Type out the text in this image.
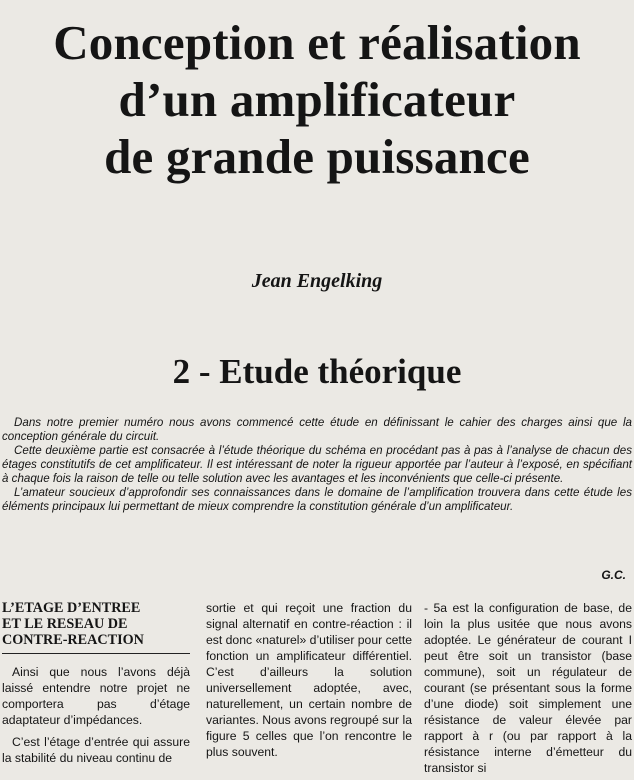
Conception et réalisation
d’un amplificateur
de grande puissance
Jean Engelking
2 - Etude théorique

Dans notre premier numéro nous avons commencé cette étude en définissant le cahier des charges ainsi que la conception générale du circuit.

Cette deuxième partie est consacrée à l’étude théorique du schéma en procédant pas à pas à l’analyse de chacun des étages constitutifs de cet amplificateur. Il est intéressant de noter la rigueur apportée par l’auteur à l’exposé, en spécifiant à chaque fois la raison de telle ou telle solution avec les avantages et les inconvénients que celle-ci présente.

L’amateur soucieux d’approfondir ses connaissances dans le domaine de l’amplification trouvera dans cette étude les éléments principaux lui permettant de mieux comprendre la constitution générale d’un amplificateur.

G.C.
L’ETAGE D’ENTREE
ET LE RESEAU DE
CONTRE-REACTION

Ainsi que nous l’avons déjà laissé entendre notre projet ne comportera pas d’étage adaptateur d’impédances.

C’est l’étage d’entrée qui assure la stabilité du niveau continu de

sortie et qui reçoit une fraction du signal alternatif en contre-réaction : il est donc «naturel» d’utiliser pour cette fonction un amplificateur différentiel. C’est d’ailleurs la solution universellement adoptée, avec, naturellement, un certain nombre de variantes. Nous avons regroupé sur la figure 5 celles que l’on rencontre le plus souvent.
- 5a est la configuration de base, de loin la plus usitée que nous avons adoptée. Le générateur de courant I peut être soit un transistor (base commune), soit un régulateur de courant (se présentant sous la forme d’une diode) soit simplement une résistance de valeur élevée par rapport à r (ou par rapport à la résistance interne d’émetteur du transistor si
